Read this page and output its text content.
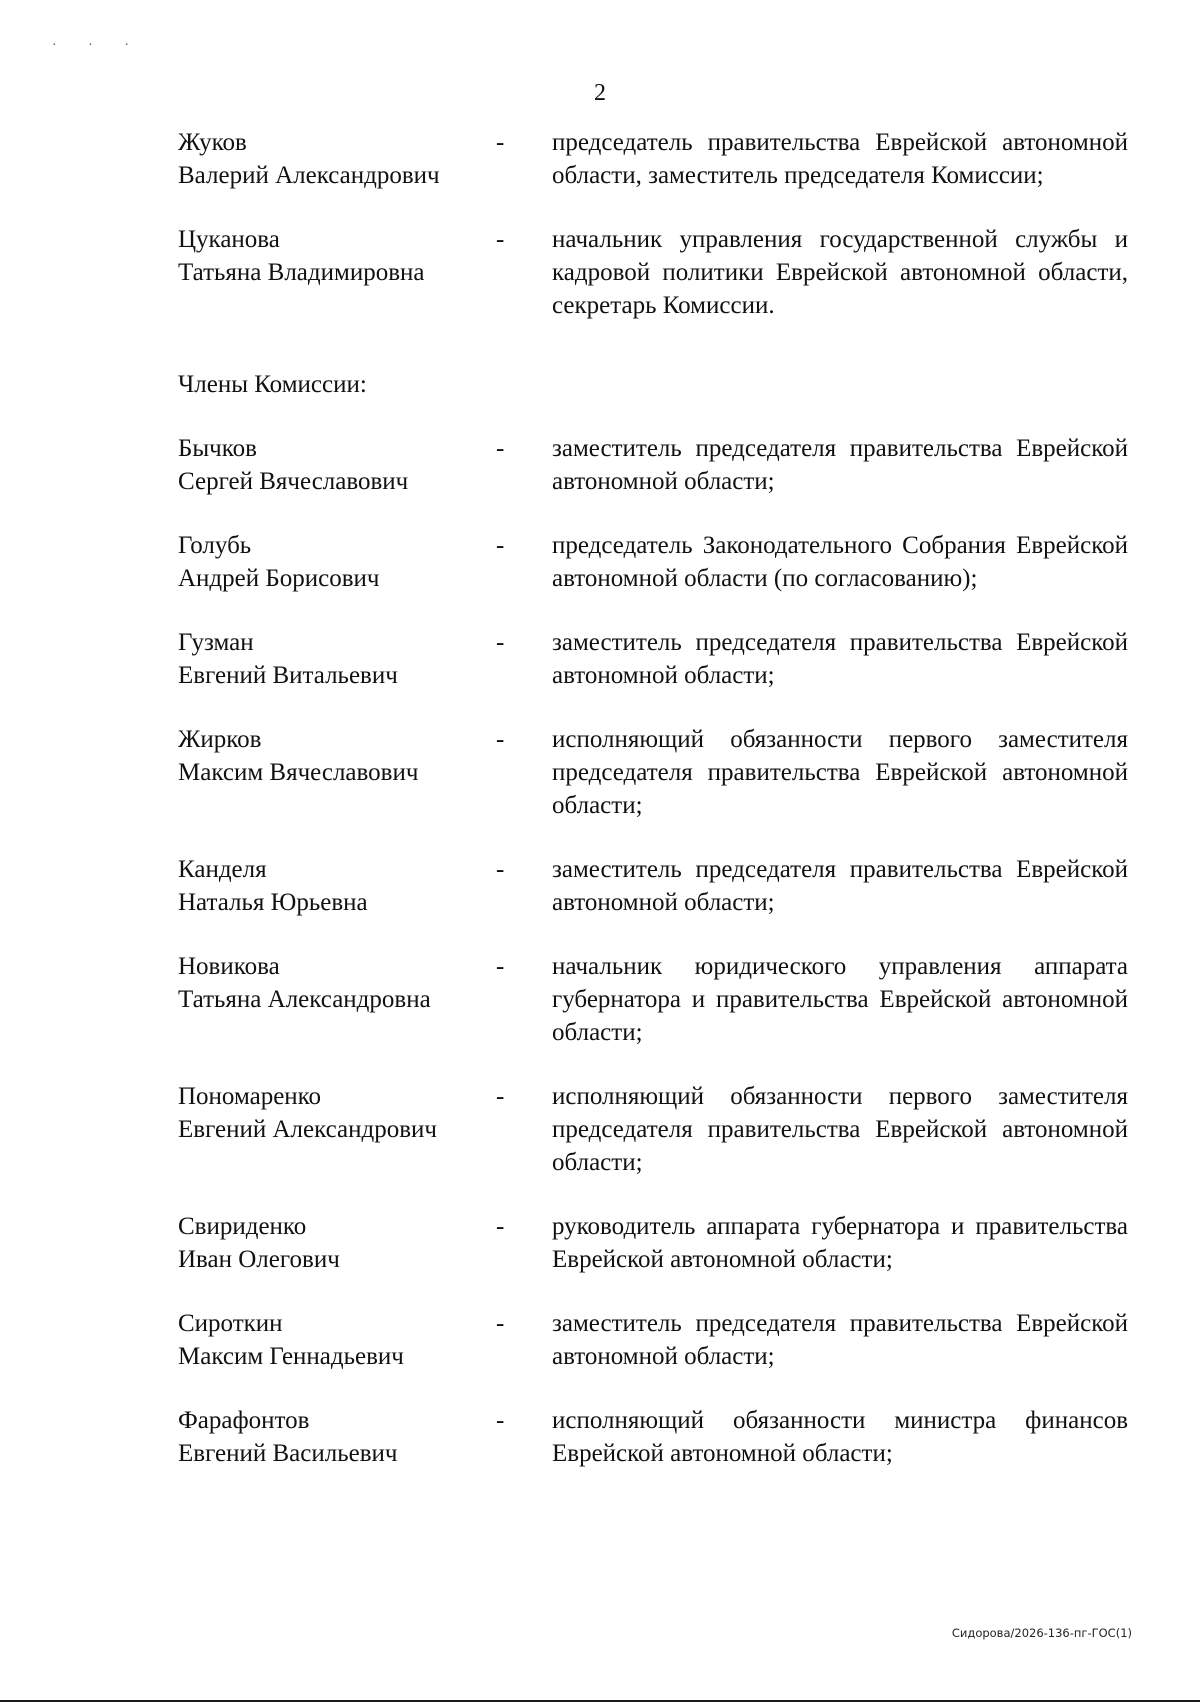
· · ·
2
Жуков
Валерий Александрович
-	председатель правительства Еврейской автономной области, заместитель председателя Комиссии;
Цуканова
Татьяна Владимировна
-	начальник управления государственной службы и кадровой политики Еврейской автономной области, секретарь Комиссии.
Члены Комиссии:
Бычков
Сергей Вячеславович
-	заместитель председателя правительства Еврейской автономной области;
Голубь
Андрей Борисович
-	председатель Законодательного Собрания Еврейской автономной области (по согласованию);
Гузман
Евгений Витальевич
-	заместитель председателя правительства Еврейской автономной области;
Жирков
Максим Вячеславович
-	исполняющий обязанности первого заместителя председателя правительства Еврейской автономной области;
Канделя
Наталья Юрьевна
-	заместитель председателя правительства Еврейской автономной области;
Новикова
Татьяна Александровна
-	начальник юридического управления аппарата губернатора и правительства Еврейской автономной области;
Пономаренко
Евгений Александрович
-	исполняющий обязанности первого заместителя председателя правительства Еврейской автономной области;
Свириденко
Иван Олегович
-	руководитель аппарата губернатора и правительства Еврейской автономной области;
Сироткин
Максим Геннадьевич
-	заместитель председателя правительства Еврейской автономной области;
Фарафонтов
Евгений Васильевич
-	исполняющий обязанности министра финансов Еврейской автономной области;
Сидорова/2026-136-пг-ГОС(1)
